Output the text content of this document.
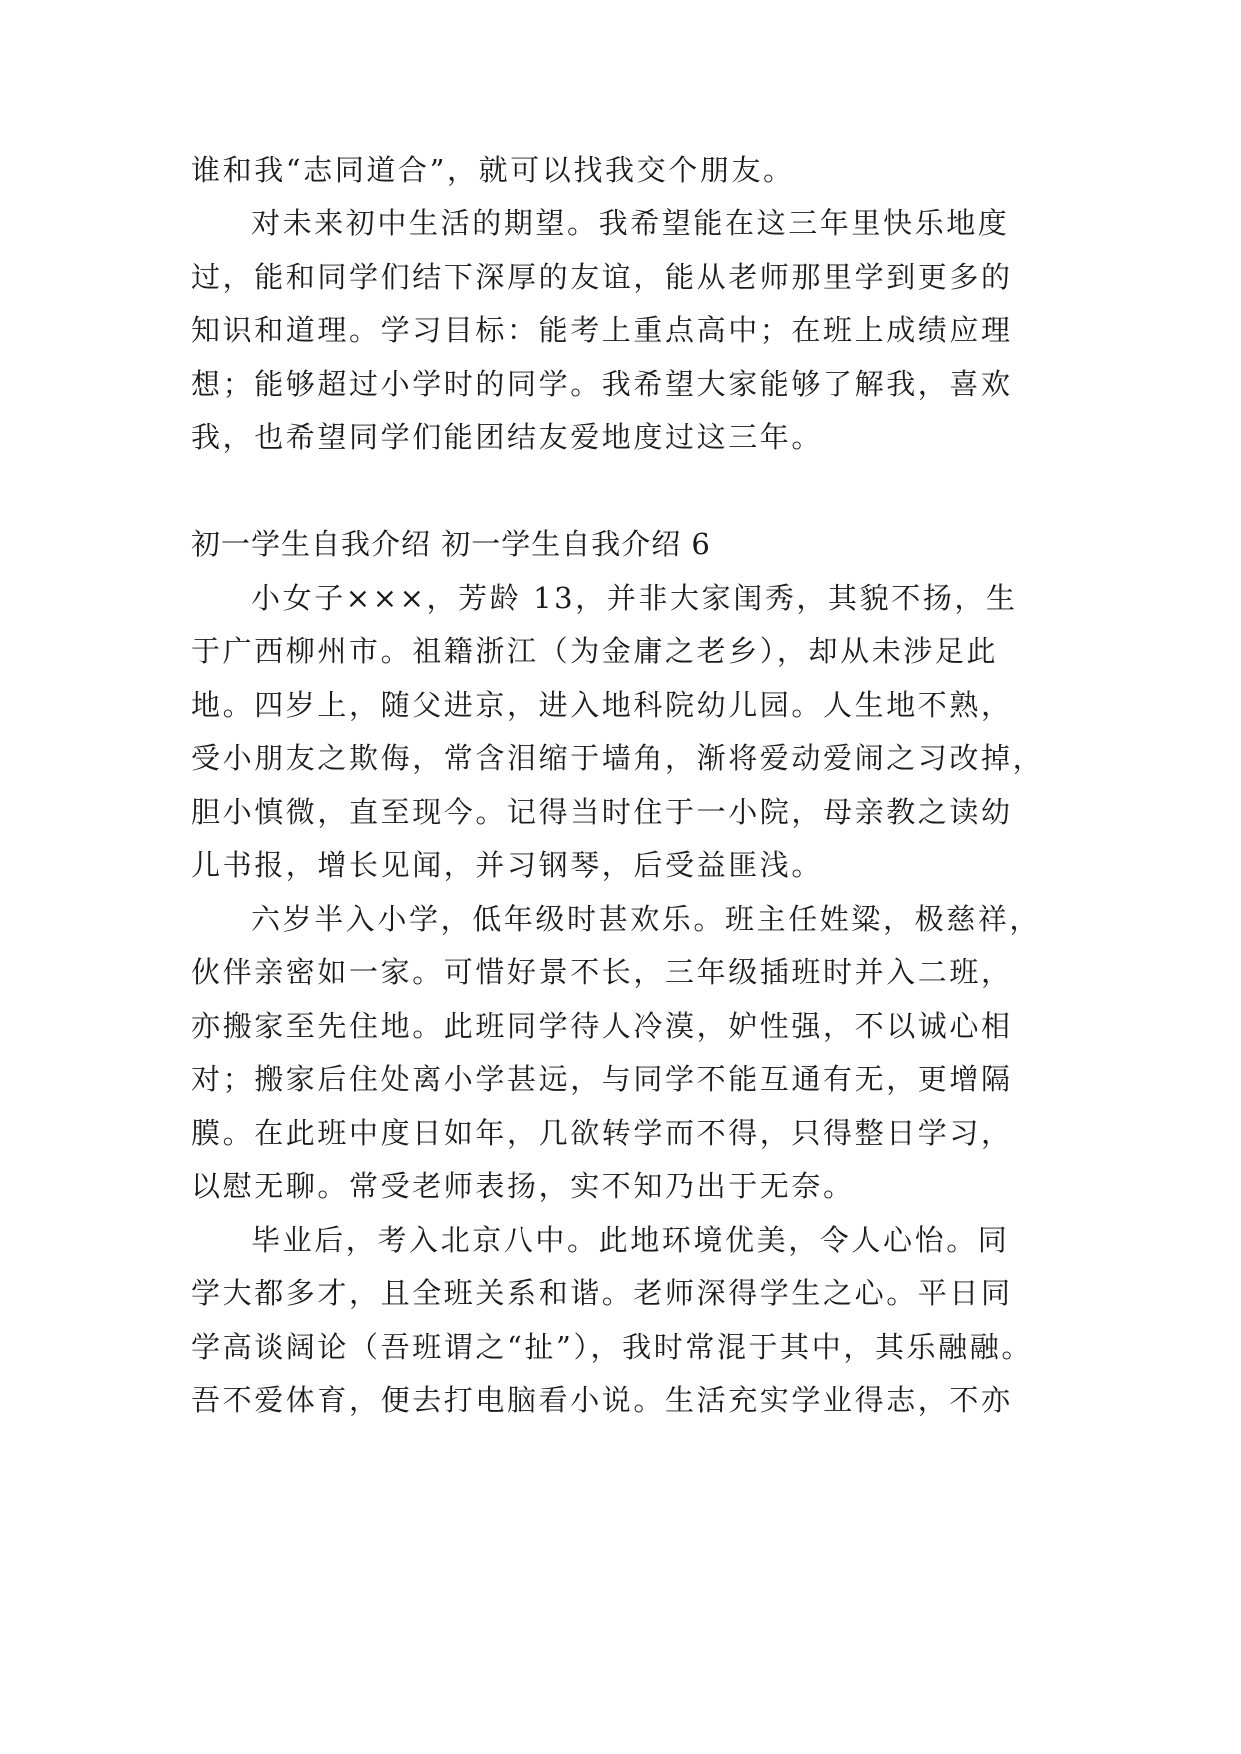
谁和我“志同道合”，就可以找我交个朋友。
对未来初中生活的期望。我希望能在这三年里快乐地度
过，能和同学们结下深厚的友谊，能从老师那里学到更多的
知识和道理。学习目标：能考上重点高中；在班上成绩应理
想；能够超过小学时的同学。我希望大家能够了解我，喜欢
我，也希望同学们能团结友爱地度过这三年。
初一学生自我介绍 初一学生自我介绍 6
小女子×××，芳龄 13，并非大家闺秀，其貌不扬，生
于广西柳州市。祖籍浙江（为金庸之老乡），却从未涉足此
地。四岁上，随父进京，进入地科院幼儿园。人生地不熟，
受小朋友之欺侮，常含泪缩于墙角，渐将爱动爱闹之习改掉，
胆小慎微，直至现今。记得当时住于一小院，母亲教之读幼
儿书报，增长见闻，并习钢琴，后受益匪浅。
六岁半入小学，低年级时甚欢乐。班主任姓粱，极慈祥，
伙伴亲密如一家。可惜好景不长，三年级插班时并入二班，
亦搬家至先住地。此班同学待人冷漠，妒性强，不以诚心相
对；搬家后住处离小学甚远，与同学不能互通有无，更增隔
膜。在此班中度日如年，几欲转学而不得，只得整日学习，
以慰无聊。常受老师表扬，实不知乃出于无奈。
毕业后，考入北京八中。此地环境优美，令人心怡。同
学大都多才，且全班关系和谐。老师深得学生之心。平日同
学高谈阔论（吾班谓之“扯”），我时常混于其中，其乐融融。
吾不爱体育，便去打电脑看小说。生活充实学业得志，不亦
